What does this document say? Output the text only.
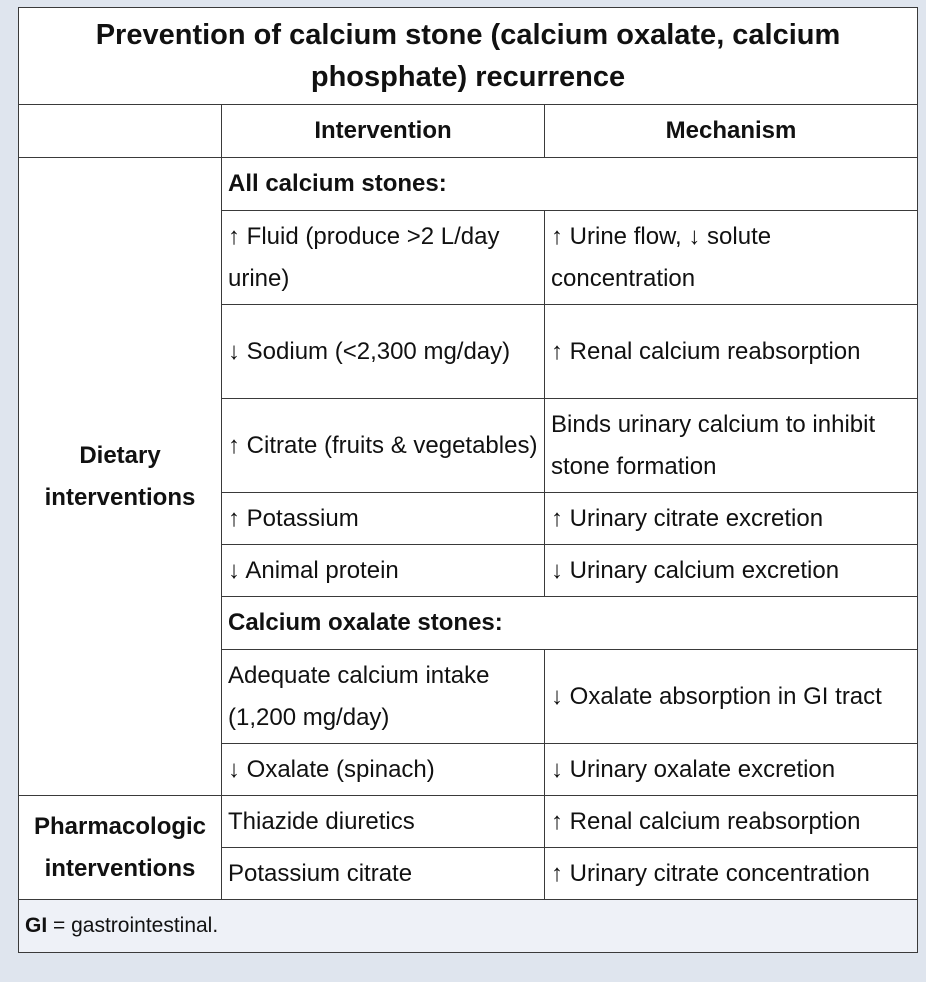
Prevention of calcium stone (calcium oxalate, calcium phosphate) recurrence		
	Intervention	Mechanism
Dietary interventions	All calcium stones:	
	↑ Fluid (produce >2 L/day urine)	↑ Urine flow, ↓ solute concentration
	↓ Sodium (<2,300 mg/day)	↑ Renal calcium reabsorption
	↑ Citrate (fruits & vegetables)	Binds urinary calcium to inhibit stone formation
	↑ Potassium	↑ Urinary citrate excretion
	↓ Animal protein	↓ Urinary calcium excretion
	Calcium oxalate stones:	
	Adequate calcium intake (1,200 mg/day)	↓ Oxalate absorption in GI tract
	↓ Oxalate (spinach)	↓ Urinary oxalate excretion
Pharmacologic interventions	Thiazide diuretics	↑ Renal calcium reabsorption
	Potassium citrate	↑ Urinary citrate concentration
GI = gastrointestinal.		
